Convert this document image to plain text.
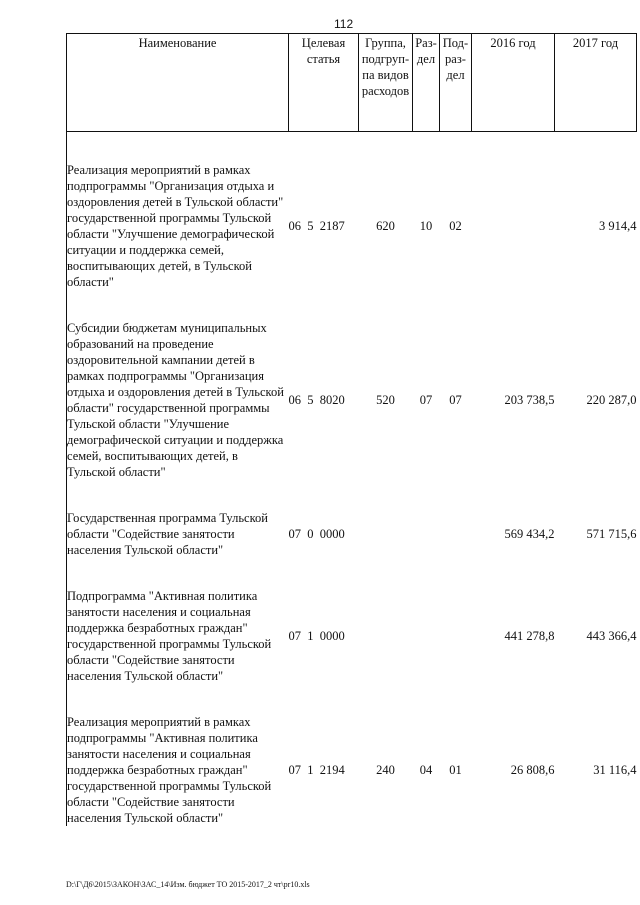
112
Наименование	Целевая статья	Группа, подгруп-па видов расходов	Раз-дел	Под-раз-дел	2016 год	2017 год

Реализация мероприятий в рамках подпрограммы "Организация отдыха и оздоровления детей в Тульской области" государственной программы Тульской области "Улучшение демографической ситуации и поддержка семей, воспитывающих детей, в Тульской области"	06  5  2187	620	10	02		3 914,4

Субсидии бюджетам муниципальных образований на проведение оздоровительной кампании детей в рамках подпрограммы "Организация отдыха и оздоровления детей в Тульской области" государственной программы Тульской области "Улучшение демографической ситуации и поддержка семей, воспитывающих детей, в Тульской области"	06  5  8020	520	07	07	203 738,5	220 287,0

Государственная программа Тульской области "Содействие занятости населения Тульской области"	07  0  0000				569 434,2	571 715,6

Подпрограмма "Активная политика занятости населения и социальная поддержка безработных граждан" государственной программы Тульской области "Содействие занятости населения Тульской области"	07  1  0000				441 278,8	443 366,4

Реализация мероприятий в рамках подпрограммы "Активная политика занятости населения и социальная поддержка безработных граждан" государственной программы Тульской области "Содействие занятости населения Тульской области"	07  1  2194	240	04	01	26 808,6	31 116,4
D:\Г\Д6\2015\ЗАКОН\ЗАС_14\Изм. бюджет ТО 2015-2017_2 чт\pr10.xls
